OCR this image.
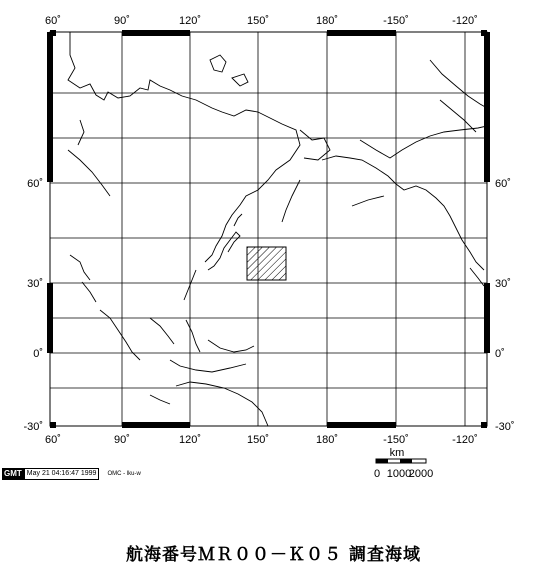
60˚	90˚	120˚	150˚	180˚	-150˚	-120˚
60˚	90˚	120˚	150˚	180˚	-150˚	-120˚
60˚
30˚
0˚
-30˚
60˚
30˚
0˚
-30˚
km
0 1000
2000
GMT May 21 04:16:47 1999	OMC - lku-w
航海番号ＭＲ００－Ｋ０５ 調査海域
